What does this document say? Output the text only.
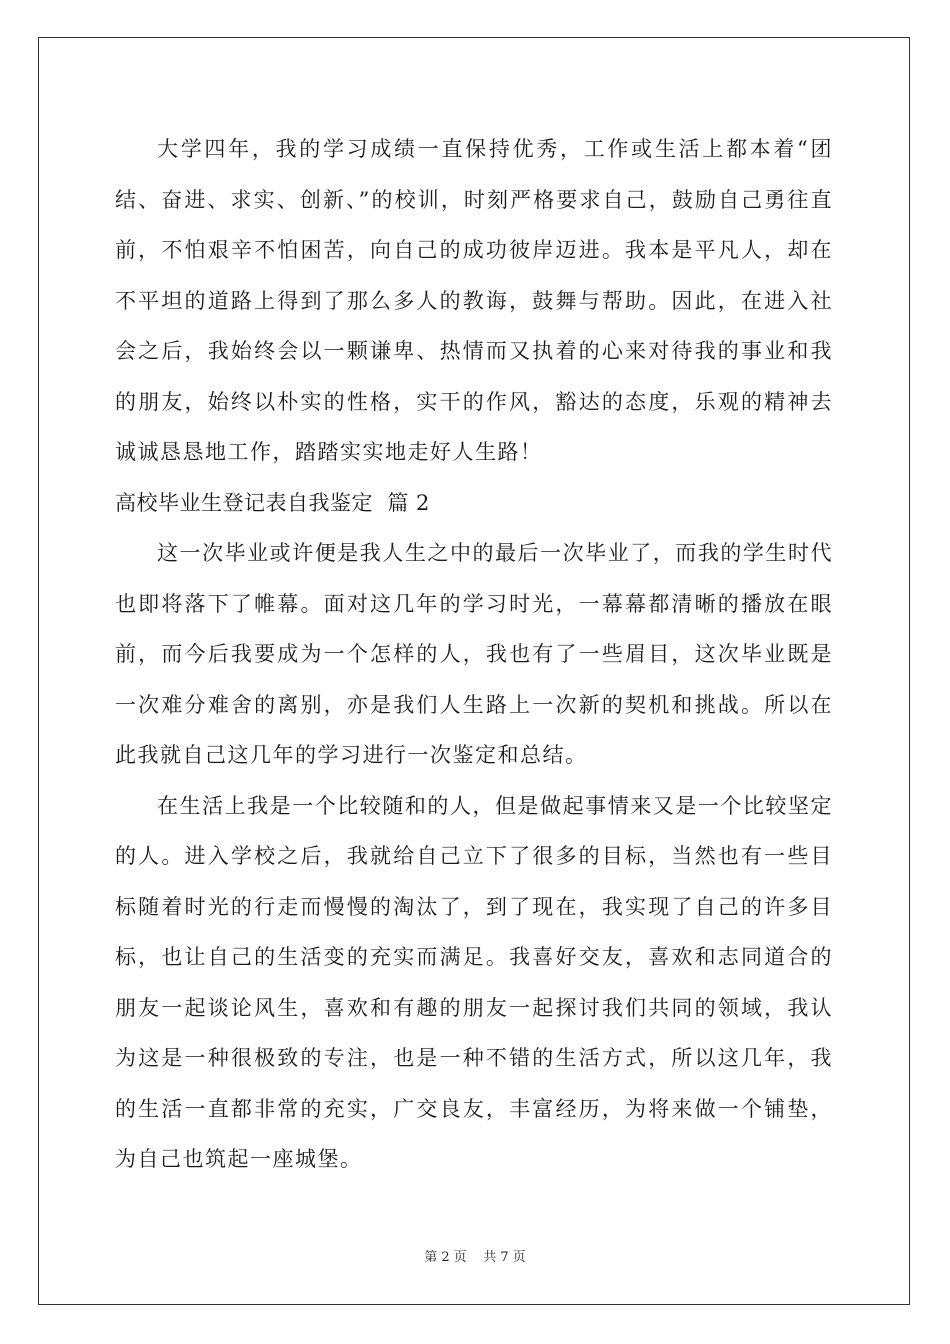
大学四年，我的学习成绩一直保持优秀，工作或生活上都本着“团结、奋进、求实、创新、”的校训，时刻严格要求自己，鼓励自己勇往直前，不怕艰辛不怕困苦，向自己的成功彼岸迈进。我本是平凡人，却在不平坦的道路上得到了那么多人的教诲，鼓舞与帮助。因此，在进入社会之后，我始终会以一颗谦卑、热情而又执着的心来对待我的事业和我的朋友，始终以朴实的性格，实干的作风，豁达的态度，乐观的精神去诚诚恳恳地工作，踏踏实实地走好人生路！

高校毕业生登记表自我鉴定  篇 2

这一次毕业或许便是我人生之中的最后一次毕业了，而我的学生时代也即将落下了帷幕。面对这几年的学习时光，一幕幕都清晰的播放在眼前，而今后我要成为一个怎样的人，我也有了一些眉目，这次毕业既是一次难分难舍的离别，亦是我们人生路上一次新的契机和挑战。所以在此我就自己这几年的学习进行一次鉴定和总结。

在生活上我是一个比较随和的人，但是做起事情来又是一个比较坚定的人。进入学校之后，我就给自己立下了很多的目标，当然也有一些目标随着时光的行走而慢慢的淘汰了，到了现在，我实现了自己的许多目标，也让自己的生活变的充实而满足。我喜好交友，喜欢和志同道合的朋友一起谈论风生，喜欢和有趣的朋友一起探讨我们共同的领域，我认为这是一种很极致的专注，也是一种不错的生活方式，所以这几年，我的生活一直都非常的充实，广交良友，丰富经历，为将来做一个铺垫，为自己也筑起一座城堡。

第 2 页    共 7 页
